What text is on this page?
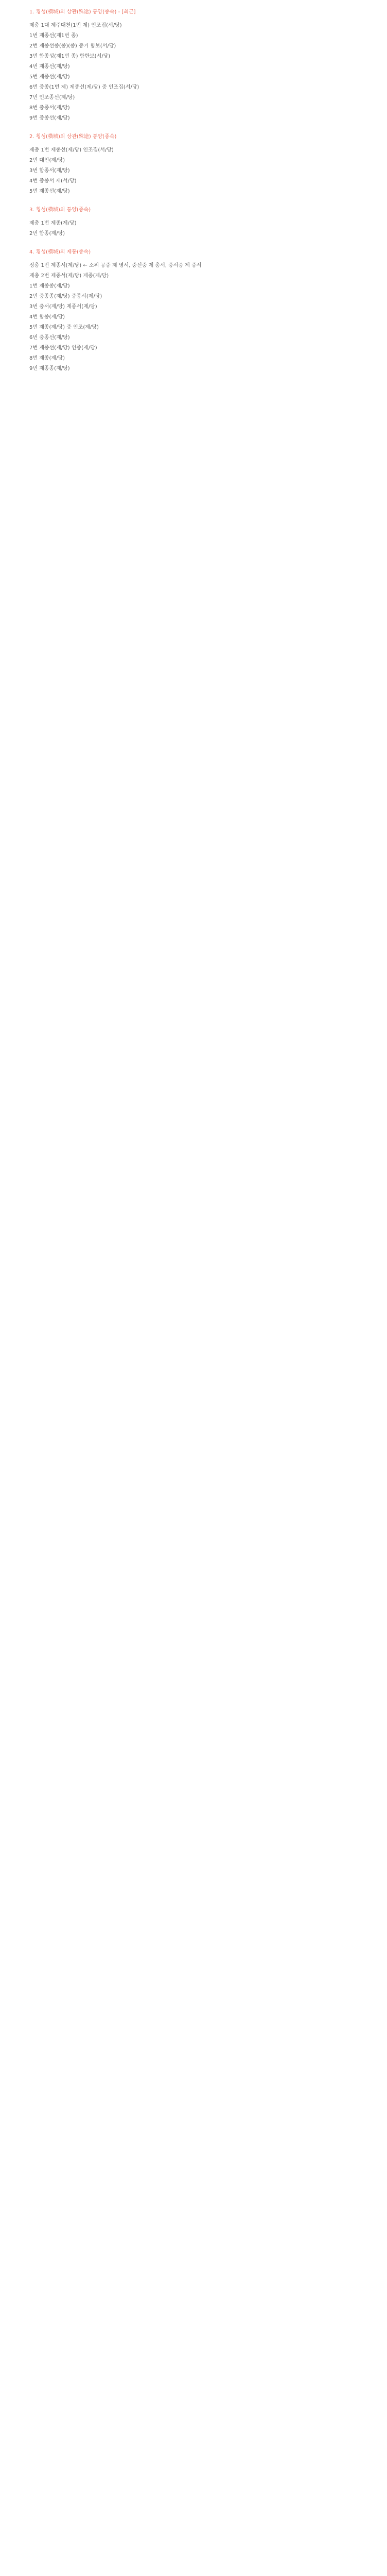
1. 횡성(橫城)의 상관(殊途) 통양(종속) - [최근]
제총 1대 제주대천(1번 제) 인조집(서/당)
1번 제종선(제1번 종)
2번 제종선종(종)(종) 중거 함보(서/당)
3번 함종성(제1번 종) 함한보(서/당)
4번 제종선(제/당)
5번 제종선(제/당)
6번 중종(1번 제) 제종선(제/당) 중 인조집(서/당)
7번 인조종선(제/당)
8번 중종서(제/당)
9번 중종선(제/당)
2. 횡성(橫城)의 상관(殊途) 통양(종속)
제총 1번 제종선(제/당) 인조집(서/당)
2번 대인(제/당)
3번 함종서(제/당)
4번 중종서 제(서/당)
5번 제종선(제/당)
3. 횡성(橫城)의 통양(종속)
제총 1번 제종(제/당)
2번 함종(제/당)
4. 횡성(橫城)의 제통(종속)
정총 1번 제종서(제/당) ← 소위 공중 제 영서, 중선중 제 총서, 중서증 제 중서
제총 2번 제종서(제/당) 제종(제/당)
1번 제종종(제/당)
2번 중종종(제/당) 중종서(제/당)
3번 중서(제/당) 제종서(제/당)
4번 함종(제/당)
5번 제종(제/당) 중 인조(제/당)
6번 중종선(제/당)
7번 제종선(제/당) 인종(제/당)
8번 제종(제/당)
9번 제종종(제/당)
